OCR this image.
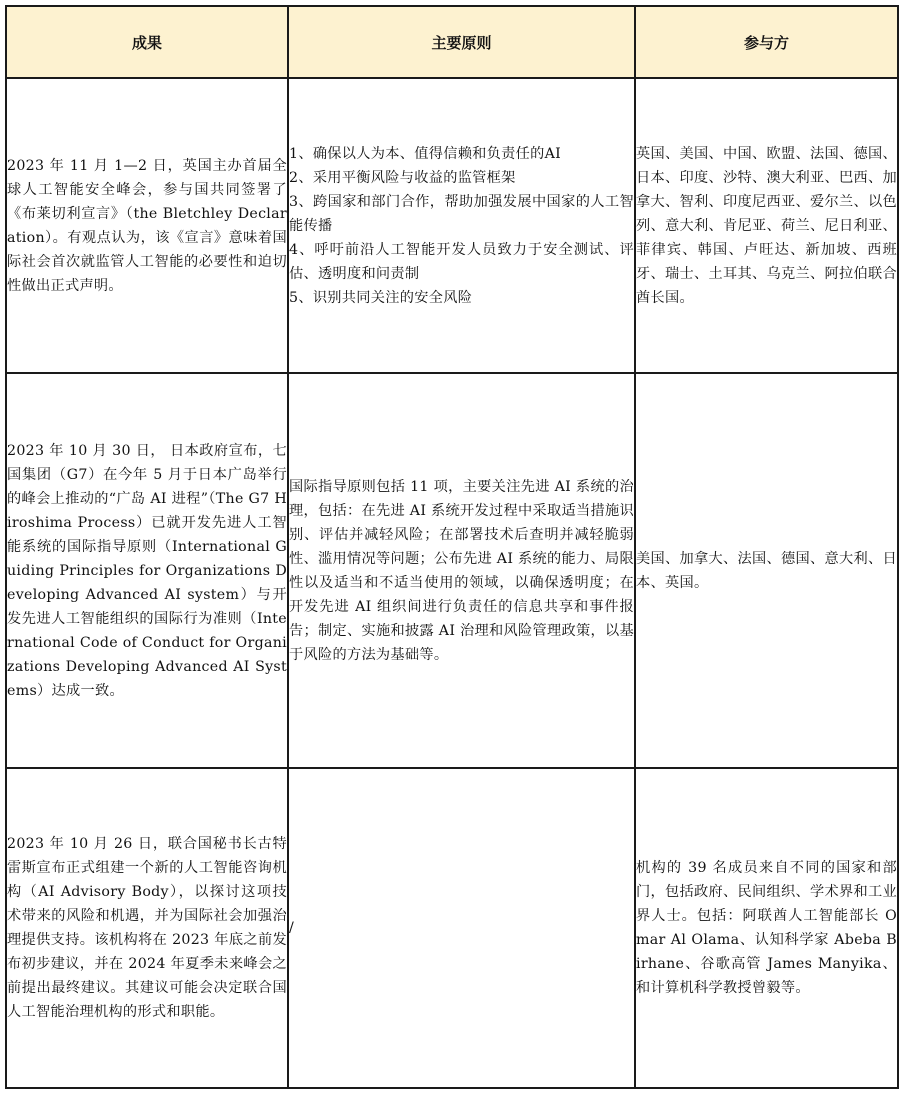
成果	主要原则	参与方
2023 年 11 月 1—2 日，英国主办首届全球人工智能安全峰会，参与国共同签署了《布莱切利宣言》（the Bletchley Declaration）。有观点认为，该《宣言》意味着国际社会首次就监管人工智能的必要性和迫切性做出正式声明。	1、确保以人为本、值得信赖和负责任的AI
2、采用平衡风险与收益的监管框架
3、跨国家和部门合作，帮助加强发展中国家的人工智能传播
4、呼吁前沿人工智能开发人员致力于安全测试、评估、透明度和问责制
5、识别共同关注的安全风险	英国、美国、中国、欧盟、法国、德国、日本、印度、沙特、澳大利亚、巴西、加拿大、智利、印度尼西亚、爱尔兰、以色列、意大利、肯尼亚、荷兰、尼日利亚、菲律宾、韩国、卢旺达、新加坡、西班牙、瑞士、土耳其、乌克兰、阿拉伯联合酋长国。
2023 年 10 月 30 日， 日本政府宣布，七国集团（G7）在今年 5 月于日本广岛举行的峰会上推动的“广岛 AI 进程”（The G7 Hiroshima Process）已就开发先进人工智能系统的国际指导原则（International Guiding Principles for Organizations Developing Advanced AI system）与开发先进人工智能组织的国际行为准则（International Code of Conduct for Organizations Developing Advanced AI Systems）达成一致。	国际指导原则包括 11 项，主要关注先进 AI 系统的治理，包括：在先进 AI 系统开发过程中采取适当措施识别、评估并减轻风险；在部署技术后查明并减轻脆弱性、滥用情况等问题；公布先进 AI 系统的能力、局限性以及适当和不适当使用的领域，以确保透明度；在开发先进 AI 组织间进行负责任的信息共享和事件报告；制定、实施和披露 AI 治理和风险管理政策，以基于风险的方法为基础等。	美国、加拿大、法国、德国、意大利、日本、英国。
2023 年 10 月 26 日，联合国秘书长古特雷斯宣布正式组建一个新的人工智能咨询机构（AI Advisory Body），以探讨这项技术带来的风险和机遇，并为国际社会加强治理提供支持。该机构将在 2023 年底之前发布初步建议，并在 2024 年夏季未来峰会之前提出最终建议。其建议可能会决定联合国人工智能治理机构的形式和职能。	/	机构的 39 名成员来自不同的国家和部门，包括政府、民间组织、学术界和工业界人士。包括：阿联酋人工智能部长 Omar Al Olama、认知科学家 Abeba Birhane、谷歌高管 James Manyika、和计算机科学教授曾毅等。
